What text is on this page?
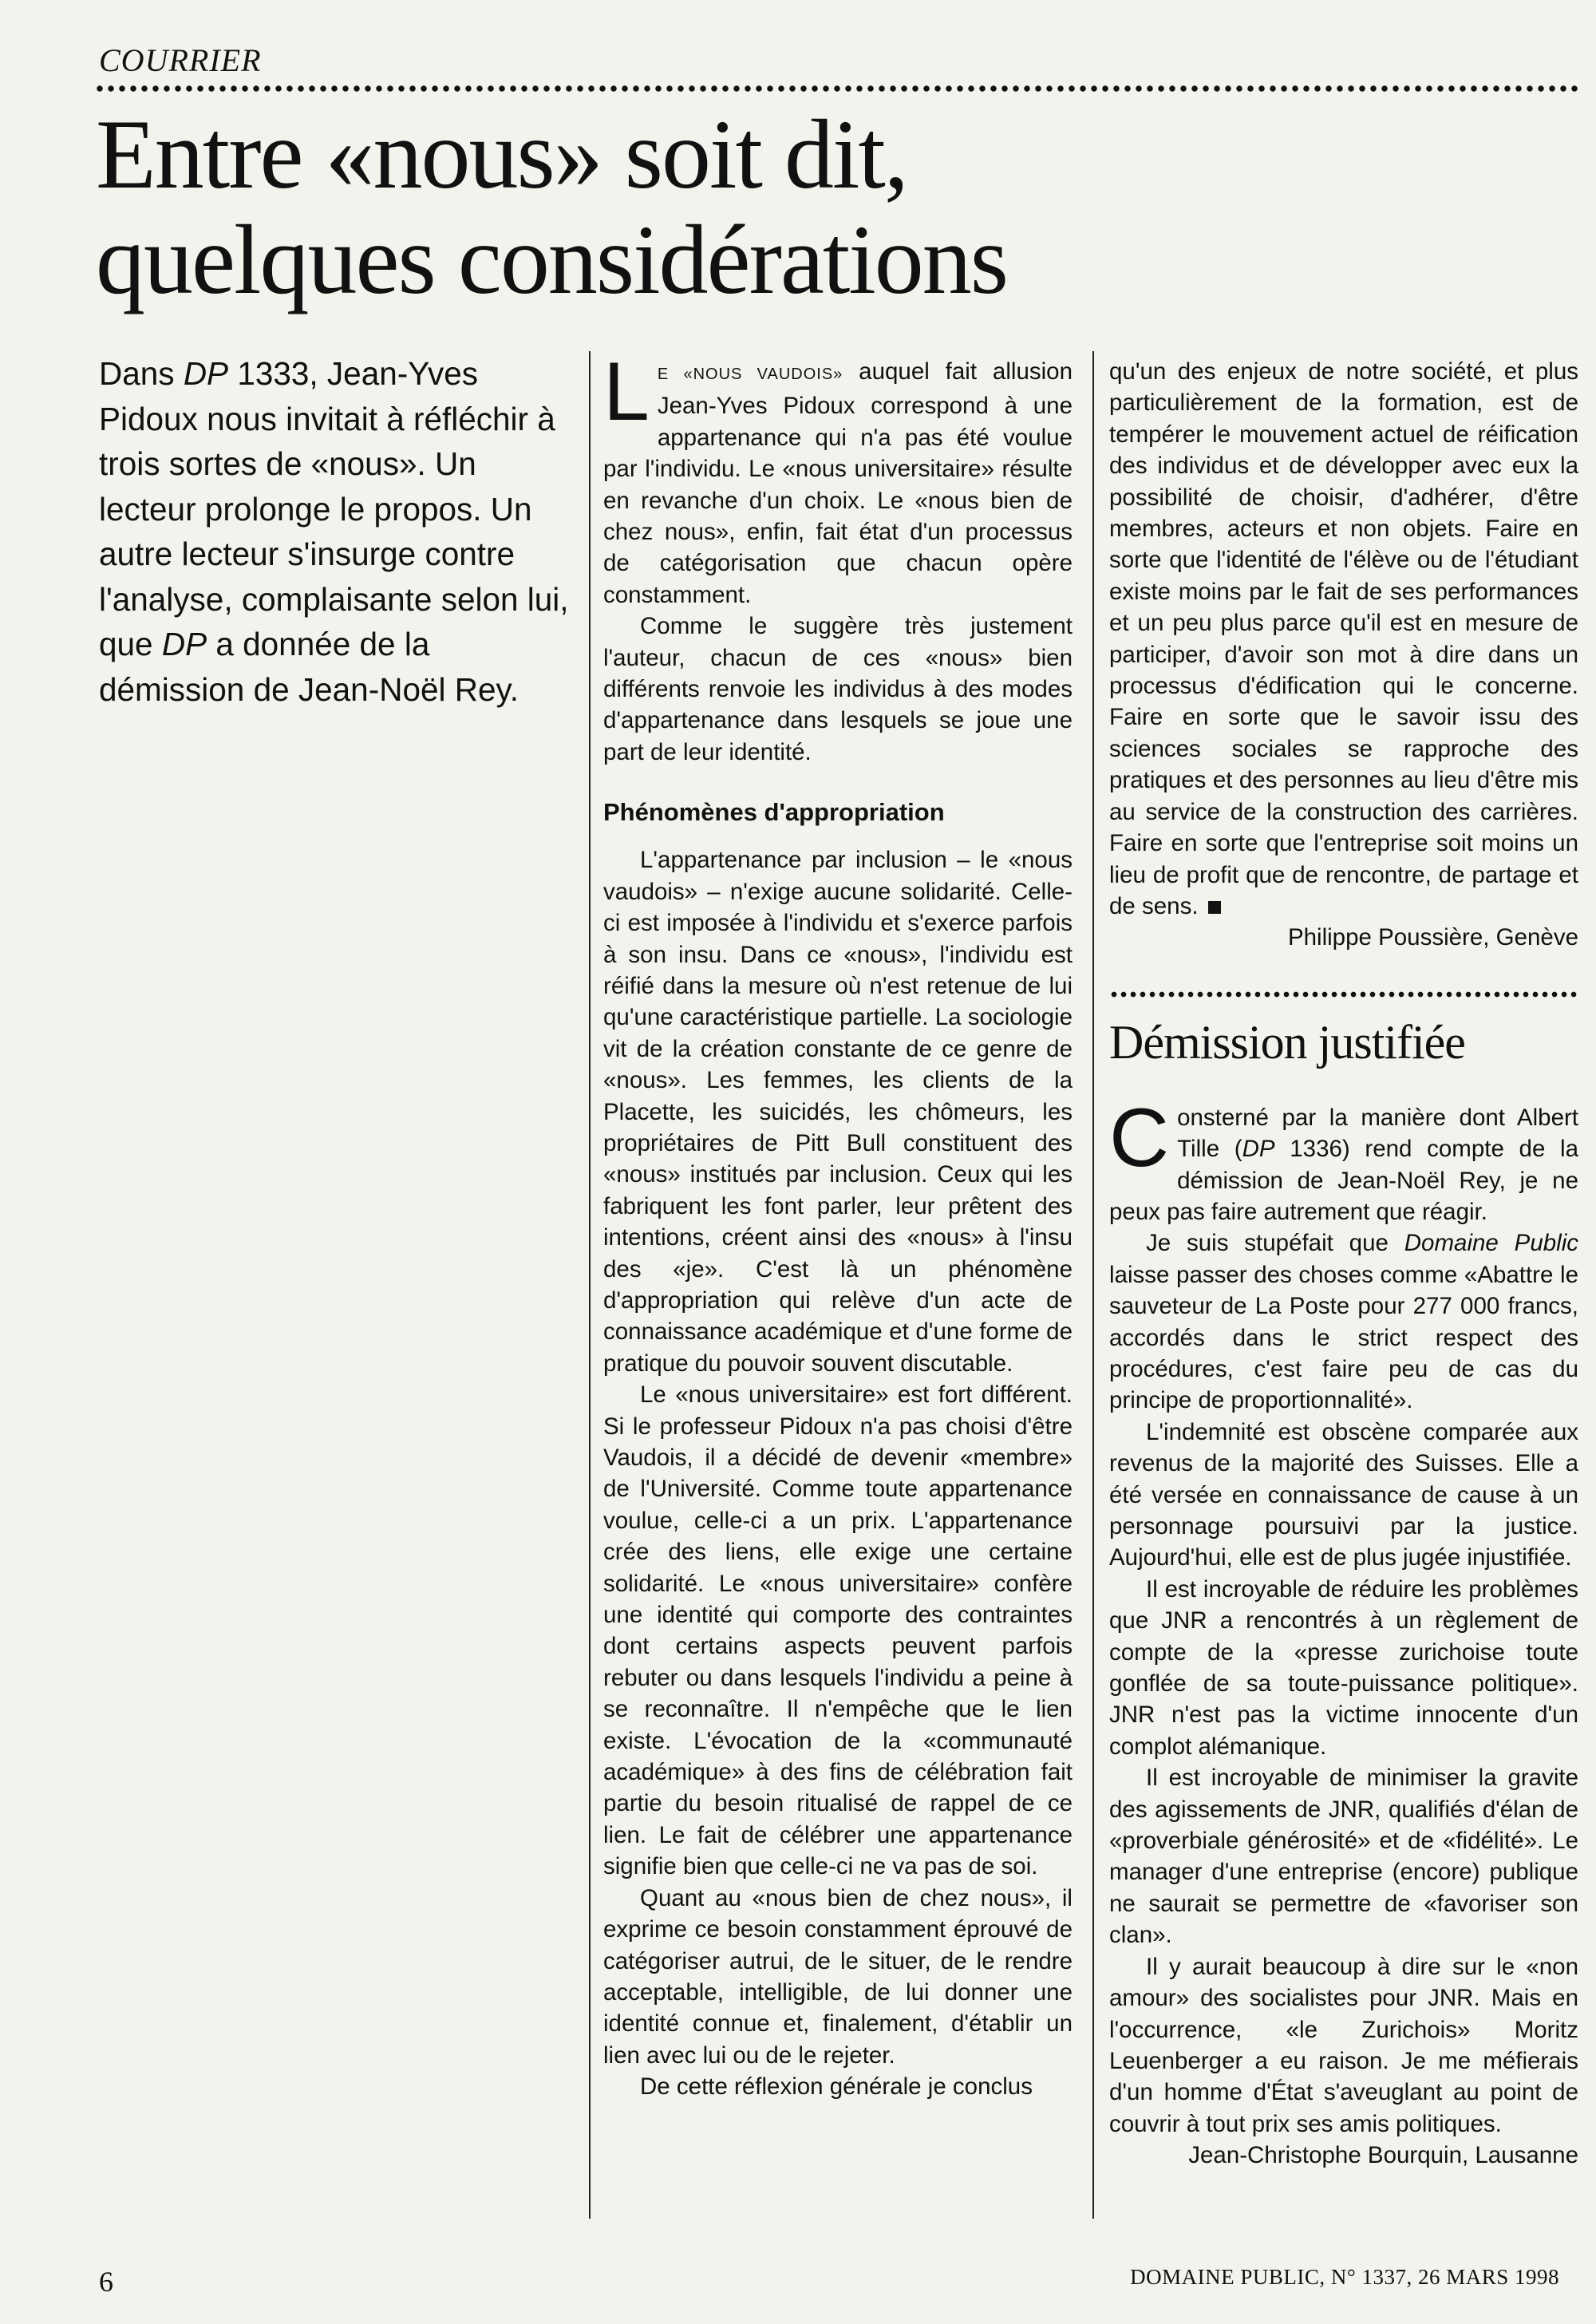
COURRIER
Entre «nous» soit dit,
quelques considérations

Dans DP 1333, Jean-Yves Pidoux nous invitait à réfléchir à trois sortes de «nous». Un lecteur prolonge le propos. Un autre lecteur s'insurge contre l'analyse, complaisante selon lui, que DP a donnée de la démission de Jean-Noël Rey.

L E «NOUS VAUDOIS» auquel fait allusion Jean-Yves Pidoux correspond à une appartenance qui n'a pas été voulue par l'individu. Le «nous universitaire» résulte en revanche d'un choix. Le «nous bien de chez nous», enfin, fait état d'un processus de catégorisation que chacun opère constamment.

Comme le suggère très justement l'auteur, chacun de ces «nous» bien différents renvoie les individus à des modes d'appartenance dans lesquels se joue une part de leur identité.

Phénomènes d'appropriation

L'appartenance par inclusion – le «nous vaudois» – n'exige aucune solidarité. Celle-ci est imposée à l'individu et s'exerce parfois à son insu. Dans ce «nous», l'individu est réifié dans la mesure où n'est retenue de lui qu'une caractéristique partielle. La sociologie vit de la création constante de ce genre de «nous». Les femmes, les clients de la Placette, les suicidés, les chômeurs, les propriétaires de Pitt Bull constituent des «nous» institués par inclusion. Ceux qui les fabriquent les font parler, leur prêtent des intentions, créent ainsi des «nous» à l'insu des «je». C'est là un phénomène d'appropriation qui relève d'un acte de connaissance académique et d'une forme de pratique du pouvoir souvent discutable.

Le «nous universitaire» est fort différent. Si le professeur Pidoux n'a pas choisi d'être Vaudois, il a décidé de devenir «membre» de l'Université. Comme toute appartenance voulue, celle-ci a un prix. L'appartenance crée des liens, elle exige une certaine solidarité. Le «nous universitaire» confère une identité qui comporte des contraintes dont certains aspects peuvent parfois rebuter ou dans lesquels l'individu a peine à se reconnaître. Il n'empêche que le lien existe. L'évocation de la «communauté académique» à des fins de célébration fait partie du besoin ritualisé de rappel de ce lien. Le fait de célébrer une appartenance signifie bien que celle-ci ne va pas de soi.

Quant au «nous bien de chez nous», il exprime ce besoin constamment éprouvé de catégoriser autrui, de le situer, de le rendre acceptable, intelligible, de lui donner une identité connue et, finalement, d'établir un lien avec lui ou de le rejeter.

De cette réflexion générale je conclus

qu'un des enjeux de notre société, et plus particulièrement de la formation, est de tempérer le mouvement actuel de réification des individus et de développer avec eux la possibilité de choisir, d'adhérer, d'être membres, acteurs et non objets. Faire en sorte que l'identité de l'élève ou de l'étudiant existe moins par le fait de ses performances et un peu plus parce qu'il est en mesure de participer, d'avoir son mot à dire dans un processus d'édification qui le concerne. Faire en sorte que le savoir issu des sciences sociales se rapproche des pratiques et des personnes au lieu d'être mis au service de la construction des carrières. Faire en sorte que l'entreprise soit moins un lieu de profit que de rencontre, de partage et de sens.

Philippe Poussière, Genève

Démission justifiée

Consterné par la manière dont Albert Tille (DP 1336) rend compte de la démission de Jean-Noël Rey, je ne peux pas faire autrement que réagir.

Je suis stupéfait que Domaine Public laisse passer des choses comme «Abattre le sauveteur de La Poste pour 277 000 francs, accordés dans le strict respect des procédures, c'est faire peu de cas du principe de proportionnalité».

L'indemnité est obscène comparée aux revenus de la majorité des Suisses. Elle a été versée en connaissance de cause à un personnage poursuivi par la justice. Aujourd'hui, elle est de plus jugée injustifiée.

Il est incroyable de réduire les problèmes que JNR a rencontrés à un règlement de compte de la «presse zurichoise toute gonflée de sa toute-puissance politique». JNR n'est pas la victime innocente d'un complot alémanique.

Il est incroyable de minimiser la gravite des agissements de JNR, qualifiés d'élan de «proverbiale générosité» et de «fidélité». Le manager d'une entreprise (encore) publique ne saurait se permettre de «favoriser son clan».

Il y aurait beaucoup à dire sur le «non amour» des socialistes pour JNR. Mais en l'occurrence, «le Zurichois» Moritz Leuenberger a eu raison. Je me méfierais d'un homme d'État s'aveuglant au point de couvrir à tout prix ses amis politiques.

Jean-Christophe Bourquin, Lausanne

6	DOMAINE PUBLIC, N° 1337, 26 MARS 1998
